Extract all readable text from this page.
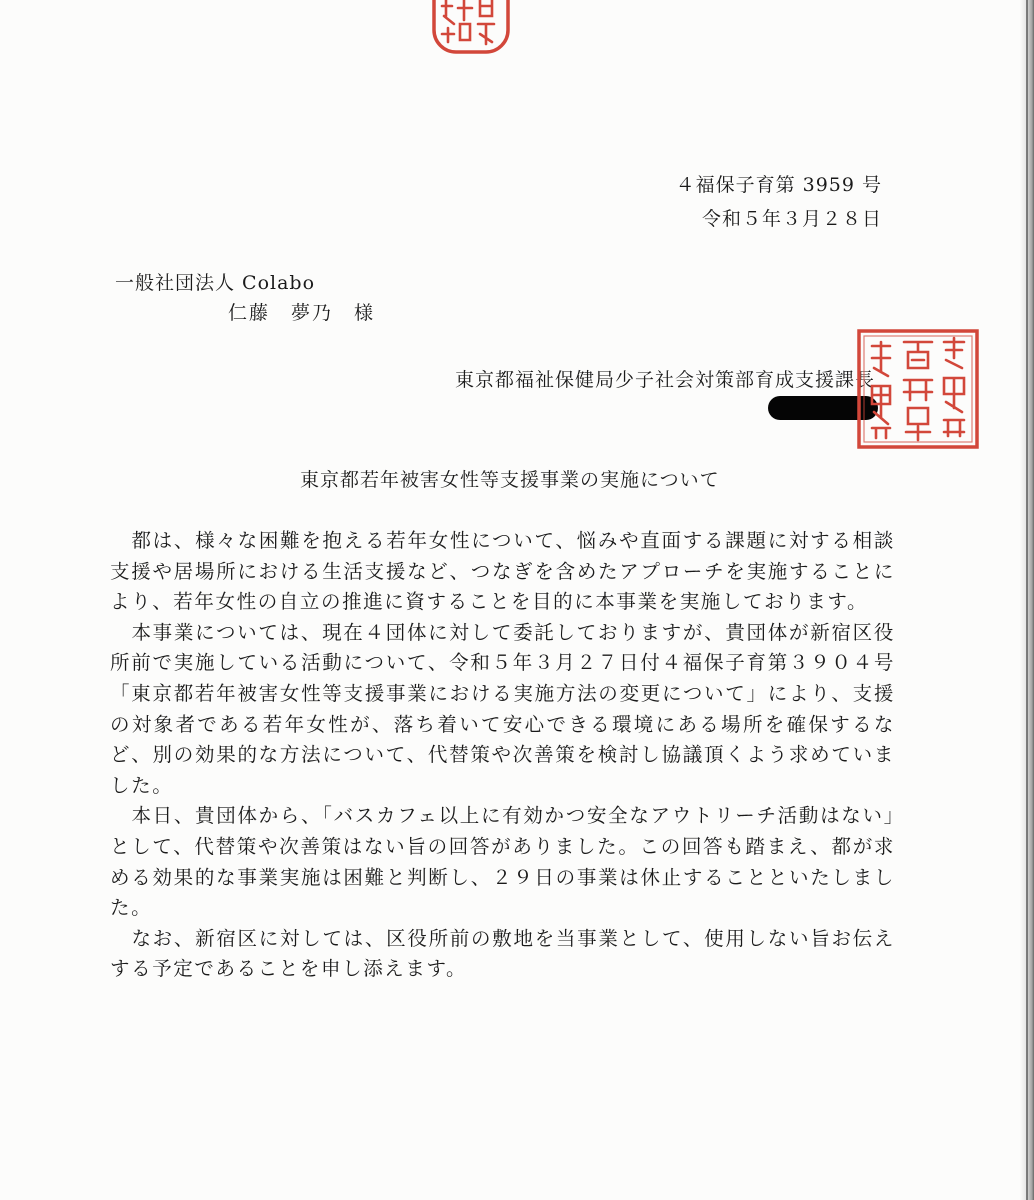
４福保子育第 3959 号
令和５年３月２８日
一般社団法人 Colabo
仁藤　夢乃　様
東京都福祉保健局少子社会対策部育成支援課長
東京都若年被害女性等支援事業の実施について

都は、様々な困難を抱える若年女性について、悩みや直面する課題に対する相談支援や居場所における生活支援など、つなぎを含めたアプローチを実施することにより、若年女性の自立の推進に資することを目的に本事業を実施しております。

本事業については、現在４団体に対して委託しておりますが、貴団体が新宿区役所前で実施している活動について、令和５年３月２７日付４福保子育第３９０４号「東京都若年被害女性等支援事業における実施方法の変更について」により、支援の対象者である若年女性が、落ち着いて安心できる環境にある場所を確保するなど、別の効果的な方法について、代替策や次善策を検討し協議頂くよう求めていました。

本日、貴団体から、「バスカフェ以上に有効かつ安全なアウトリーチ活動はない」として、代替策や次善策はない旨の回答がありました。この回答も踏まえ、都が求める効果的な事業実施は困難と判断し、２９日の事業は休止することといたしました。

なお、新宿区に対しては、区役所前の敷地を当事業として、使用しない旨お伝えする予定であることを申し添えます。
